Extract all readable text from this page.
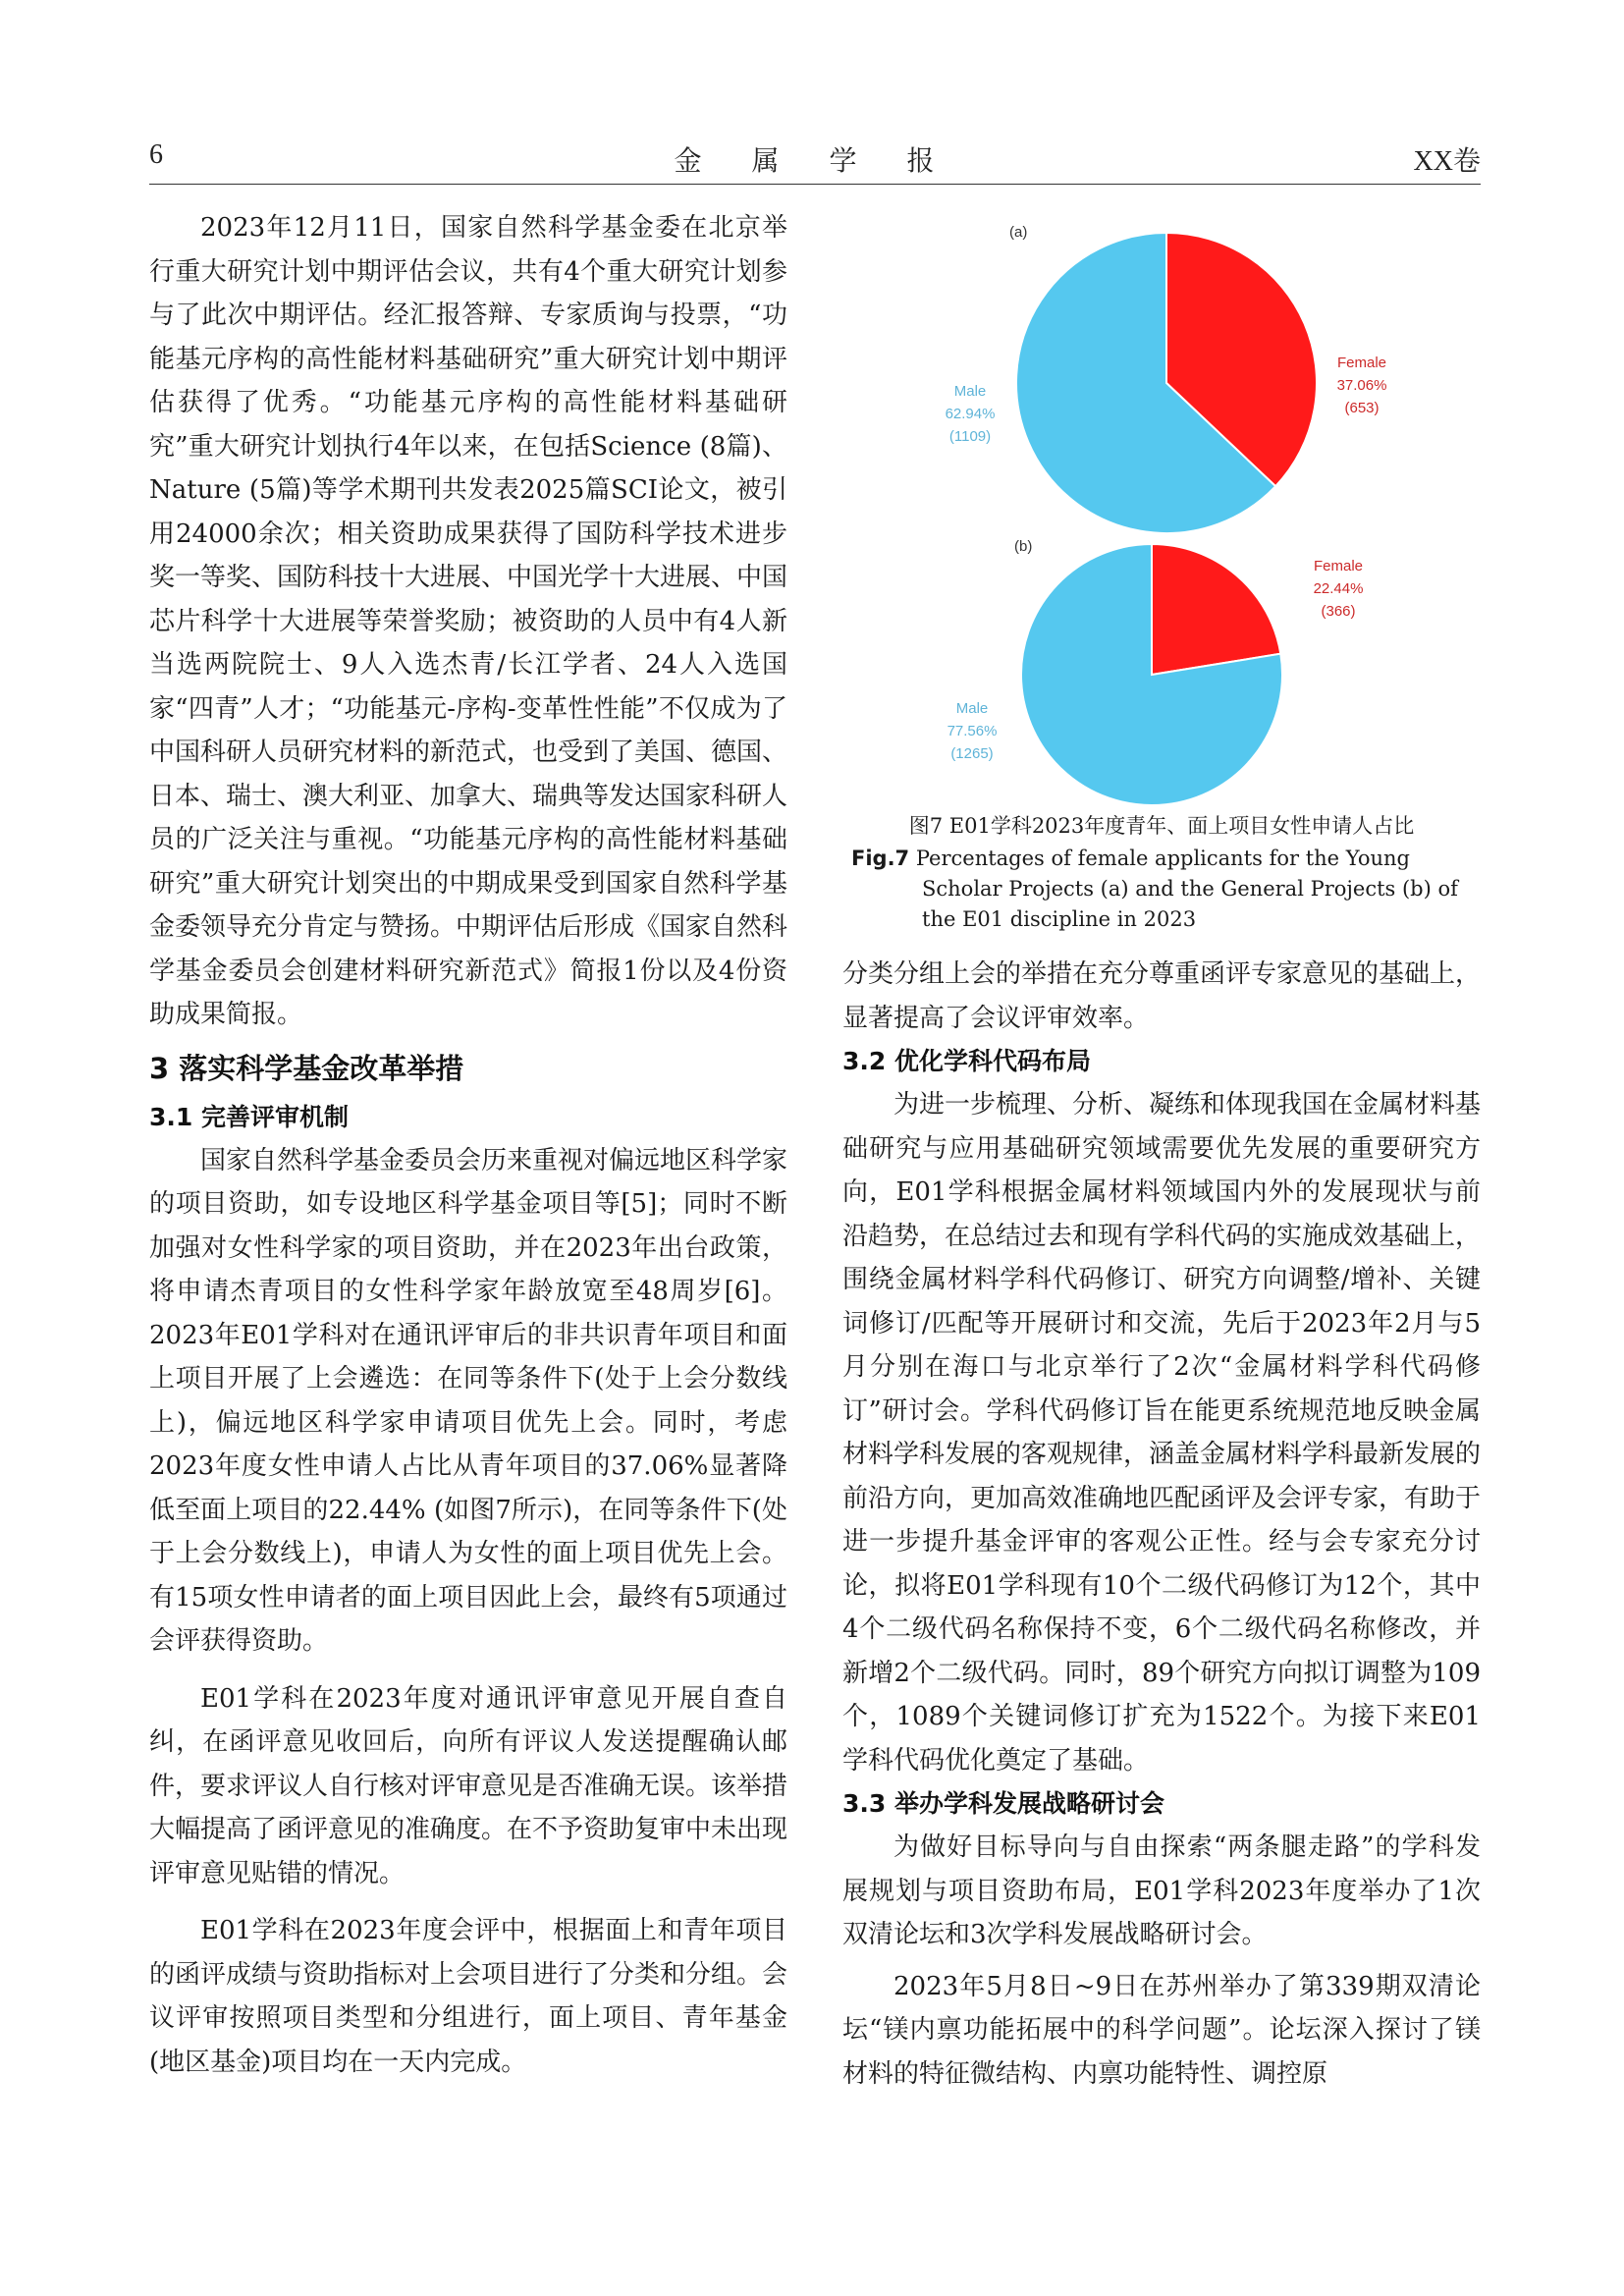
6	金 属 学 报	XX卷

2023年12月11日，国家自然科学基金委在北京举行重大研究计划中期评估会议，共有4个重大研究计划参与了此次中期评估。经汇报答辩、专家质询与投票，“功能基元序构的高性能材料基础研究”重大研究计划中期评估获得了优秀。“功能基元序构的高性能材料基础研究”重大研究计划执行4年以来，在包括Science (8篇)、Nature (5篇)等学术期刊共发表2025篇SCI论文，被引用24000余次；相关资助成果获得了国防科学技术进步奖一等奖、国防科技十大进展、中国光学十大进展、中国芯片科学十大进展等荣誉奖励；被资助的人员中有4人新当选两院院士、9人入选杰青/长江学者、24人入选国家“四青”人才；“功能基元-序构-变革性性能”不仅成为了中国科研人员研究材料的新范式，也受到了美国、德国、日本、瑞士、澳大利亚、加拿大、瑞典等发达国家科研人员的广泛关注与重视。“功能基元序构的高性能材料基础研究”重大研究计划突出的中期成果受到国家自然科学基金委领导充分肯定与赞扬。中期评估后形成《国家自然科学基金委员会创建材料研究新范式》简报1份以及4份资助成果简报。

3 落实科学基金改革举措
3.1 完善评审机制

国家自然科学基金委员会历来重视对偏远地区科学家的项目资助，如专设地区科学基金项目等[5]；同时不断加强对女性科学家的项目资助，并在2023年出台政策，将申请杰青项目的女性科学家年龄放宽至48周岁[6]。2023年E01学科对在通讯评审后的非共识青年项目和面上项目开展了上会遴选：在同等条件下(处于上会分数线上)，偏远地区科学家申请项目优先上会。同时，考虑2023年度女性申请人占比从青年项目的37.06%显著降低至面上项目的22.44% (如图7所示)，在同等条件下(处于上会分数线上)，申请人为女性的面上项目优先上会。有15项女性申请者的面上项目因此上会，最终有5项通过会评获得资助。

E01学科在2023年度对通讯评审意见开展自查自纠，在函评意见收回后，向所有评议人发送提醒确认邮件，要求评议人自行核对评审意见是否准确无误。该举措大幅提高了函评意见的准确度。在不予资助复审中未出现评审意见贴错的情况。

E01学科在2023年度会评中，根据面上和青年项目的函评成绩与资助指标对上会项目进行了分类和分组。会议评审按照项目类型和分组进行，面上项目、青年基金(地区基金)项目均在一天内完成。

(a)
Female
37.06%
(653)
Male
62.94%
(1109)
(b)
Female
22.44%
(366)
Male
77.56%
(1265)
图7 E01学科2023年度青年、面上项目女性申请人占比
Fig.7 Percentages of female applicants for the Young Scholar Projects (a) and the General Projects (b) of the E01 discipline in 2023

分类分组上会的举措在充分尊重函评专家意见的基础上，显著提高了会议评审效率。

3.2 优化学科代码布局

为进一步梳理、分析、凝练和体现我国在金属材料基础研究与应用基础研究领域需要优先发展的重要研究方向，E01学科根据金属材料领域国内外的发展现状与前沿趋势，在总结过去和现有学科代码的实施成效基础上，围绕金属材料学科代码修订、研究方向调整/增补、关键词修订/匹配等开展研讨和交流，先后于2023年2月与5月分别在海口与北京举行了2次“金属材料学科代码修订”研讨会。学科代码修订旨在能更系统规范地反映金属材料学科发展的客观规律，涵盖金属材料学科最新发展的前沿方向，更加高效准确地匹配函评及会评专家，有助于进一步提升基金评审的客观公正性。经与会专家充分讨论，拟将E01学科现有10个二级代码修订为12个，其中4个二级代码名称保持不变，6个二级代码名称修改，并新增2个二级代码。同时，89个研究方向拟订调整为109个，1089个关键词修订扩充为1522个。为接下来E01学科代码优化奠定了基础。

3.3 举办学科发展战略研讨会

为做好目标导向与自由探索“两条腿走路”的学科发展规划与项目资助布局，E01学科2023年度举办了1次双清论坛和3次学科发展战略研讨会。

2023年5月8日~9日在苏州举办了第339期双清论坛“镁内禀功能拓展中的科学问题”。论坛深入探讨了镁材料的特征微结构、内禀功能特性、调控原
